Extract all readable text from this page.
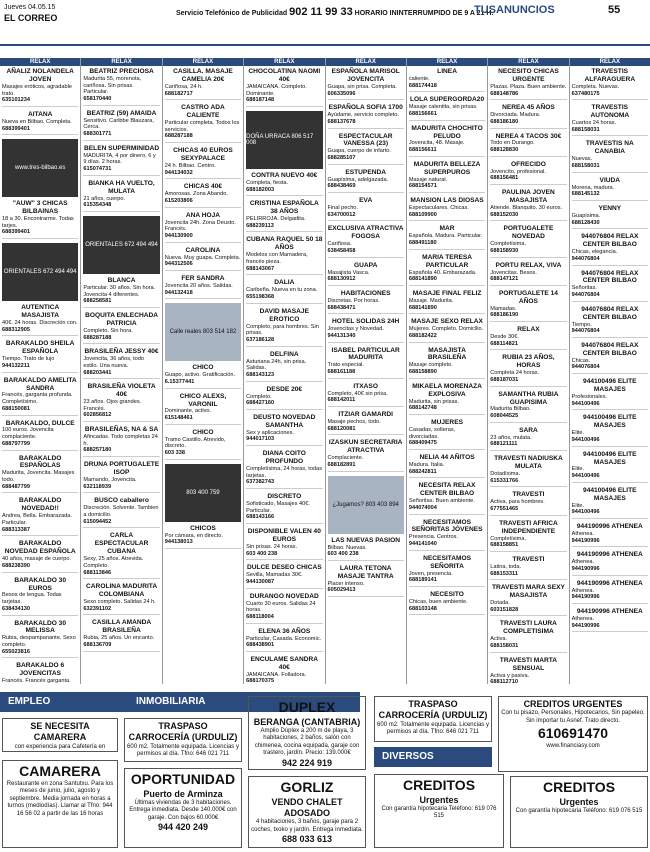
Jueves 04.05.15
EL CORREO	Servicio Telefónico de Publicidad 902 11 99 33 HORARIO ININTERRUMPIDO DE 9 A 21 H.
TUSANUNCIOS	55
RELAX
AÑALIZ NOLANDELA JOVEN
Masajes eróticos, agradable trato.
635101234
AITANA
Nueva en Bilbao. Completa.
688399401
www.tres-bilbao.es
"AUW" 3 CHICAS BILBAINAS
18 a 30. Encontrarme. Todas tarjes.
688399401
ORIENTALES 672 494 494
AUTENTICA MASAJISTA
40€. 24 horas. Discreción con.
688312905
BARAKALDO SHEILA ESPAÑOLA
Tiempo. Trato de lujo
944132211
BARAKALDO AMELITA SANDRA
Francés, garganta profunda. Completísimo.
688150081
BARAKALDO, DULCE
100 euros. Jovencita complaciente.
688797799
BARAKALDO ESPAÑOLAS
Madurita, Jovencita. Masajes todo.
688487799
BARAKALDO NOVEDAD!!
Andrea, Bella. Embarazada. Particular.
688313387
BARAKALDO NOVEDAD ESPAÑOLA
40 años, masaje de cuerpo.
688238390
BARAKALDO 30 EUROS
Besos de lengua. Todas tarjetas.
638434130
BARAKALDO 30 MELISSA
Rubia, despampanante. Sexo completo.
655023816
BARAKALDO 6 JOVENCITAS
Francés. Francés garganta.
RELAX
BEATRIZ PRECIOSA
Madurita 55, morenota, cariñosa. Sin prisas. Particular.
658170440
BEATRIZ (59) AMAIDA
Sensitivo. Caribbe Blauzara, Cerca.
688301771
BELEN SUPERMINIDAD
MADURITA, 4 por dinero, 6 y 9 días. 2 horas.
615074731
BIANKA HA VUELTO, MULATA
21 años, cuerpo.
615354348
ORIENTALES 672 494 494
BLANCA
Particular. 30 años. Sin hora. Jovencita 4 diferentes.
688258581
BOQUITA ENLECHADA PATRICIA
Completo. Sin hora.
688287188
BRASILEÑA JESSY 40€
Jovencita, 36 años, todo estilo. Una nueva.
688203441
BRASILEÑA VIOLETA 40€
23 años. Ojos grandes. Francés.
602856812
BRASILEÑAS, NA & SA
Afincadas. Todo completas 24 h.
688257180
DRUNA PORTUGALETE ISOP
Mamando, Jovencita.
632118939
BUSCO caballero
Discreción. Solvente. Tambien a domicilio.
615094452
CARLA ESPECTACULAR CUBANA
Sexy, 25 años. Atrevida. Completo.
688113846
CAROLINA MADURITA COLOMBIANA
Sexo completo. Salidas 24 h.
632391102
CASILLA AMANDA BRASILEÑA
Rubia, 25 años. Un encanto.
688136709
RELAX
CASILLA. MASAJE CAMELIA 20€
Cariñosa, 24 h.
688182717
CASTRO ADA CALIENTE
Particular completa. Todos los servicios.
688287188
CHICAS 40 EUROS SEXYPALACE
24 h. Bilbao. Centro.
944134032
CHICAS 40€
Amorosas. Zona Abando.
615203806
ANA HOJA
Jovencita 24h. Zona Deusto. Francés.
944130900
CAROLINA
Nueva. Muy guapa. Completa.
944312506
FER SANDRA
Jovencita 20 años. Salidas.
944132418
Calle reales 803 514 182
CHICO
Guapo, activo. Gratificación.
6.15377441
CHICO ALEXS, VARONIL
Dominante, activo.
615148461
CHICO
Tramo Castillo. Atrevido, discreto.
603 338
803 400 759
CHICOS
Por cámara, en directo.
944138013
RELAX
CHOCOLATINA NAOMI 40€
JAMAICANA. Completo. Dominante.
688187148
DOÑA URRACA 806 517 008
CONTRA NUEVO 40€
Completa, fiesta.
688182003
CRISTINA ESPAÑOLA 38 AÑOS
PELIRROJA. Delgadita.
688239113
CUBANA RAQUEL 50 18 AÑOS
Modelos con Mamadera, francés pieza.
688143067
DALIA
Caribeña. Nueva en tu zona.
655198368
DAVID MASAJE EROTICO
Completo, para hombres. Sin prisas.
637186128
DELFINA
Asturiana 24h, sin prisa. Salidas.
688143123
DESDE 20€
Completo.
688427160
DEUSTO NOVEDAD SAMANTHA
Sex y aplicaciones.
944017103
DIANA COITO PROFUNDO
Completísima, 24 horas, todas tarjetas.
637382743
DISCRETO
Sofisticado, Masajes 40€. Particular.
688143166
DISPONIBLE VALEN 40 EUROS
Sin prisas. 24 horas.
603 400 238
DULCE DESEO CHICAS
Sevilla, Mamadas 30€.
944130087
DURANGO NOVEDAD
Cuarto 30 euros. Salidas 24 horas.
688118004
ELENA 36 AÑOS
Particular, Casada. Economic.
688438901
ENCULAME SANDRA 40€
JAMAICANA. Folladora.
688170375
RELAX
ESPAÑOLA MARISOL JOVENCITA
Guapa, sin prisa. Completa.
606335096
ESPAÑOLA SOFIA 1700
Ayúdame, servicio completo.
688137678
ESPECTACULAR VANESSA (23)
Guapa, cuerpo de infarto.
688285107
ESTUPENDA
Guapísima, adelgazada.
688438469
EVA
Final pecho.
634700012
EXCLUSIVA ATRACTIVA FOGOSA
Cariñosa.
638458458
GUAPA
Masajista Vasca.
688130912
HABITACIONES
Discretas. Por horas.
688438471
HOTEL SOLIDAS 24H
Jovencitas y Novedad.
944131340
ISABEL PARTICULAR MADURITA
Trato especial.
688161188
ITXASO
Completo, 40€ sin prisa.
688142011
ITZIAR GAMARDI
Masaje pechos, todo.
688120081
IZASKUN SECRETARIA ATRACTIVA
Complaciente.
688182891
¿Jugamos? 803 403 894
LAS NUEVAS PASION
Bilbao. Nuevas.
603 400 238
LAURA TETONA MASAJE TANTRA
Placer intenso.
605029413
RELAX
LINEA
caliente.
688174418
LOLA SUPERGORDA20
Masaje calentita, sin prisas.
688156661
MADURITA CHOCHITO PELUDO
Jovencita, 48. Masaje.
688156611
MADURITA BELLEZA SUPERPUROS
Masaje natural.
688154571
MANSION LAS DIOSAS
Espectaculares. Chicas.
688109900
MAR
Española. Madura. Particular.
688491180
MARIA TERESA PARTICULAR
Española 40. Embarazada.
688141890
MASAJE FINAL FELIZ
Masaje. Madurita.
688141890
MASAJE SEXO RELAX
Mujeres. Completo. Domicilio.
688182422
MASAJISTA BRASILEÑA
Masaje completo.
688158890
MIKAELA MORENAZA EXPLOSIVA
Madurita, sin prisas.
688142748
MUJERES
Casadas, solteras, divorciadas.
688409475
NELIA 44 AÑITOS
Madura. Italia.
688242811
NECESITA RELAX CENTER BILBAO
Señoritas. Buen ambiente.
944074004
NECESITAMOS SEÑORITAS JÓVENES
Presencia. Centros.
944141040
NECESITAMOS SEÑORITA
Joven, presencia.
688189141
NECESITO
Chicas, buen ambiente.
688103148
RELAX
NECESITO CHICAS URGENTE
Plazas. Plaza. Buen ambiente.
688148786
NEREA 45 AÑOS
Divorciada. Madura.
688186180
NEREA 4 TACOS 30€
Todo en Durango.
688128830
OFRECIDO
Jovencito, profesional.
688156481
PAULINA JOVEN MASAJISTA
Atiende. Blanquito. 30 euros.
688152030
PORTUGALETE NOVEDAD
Completísima.
688158930
PORTU RELAX, VIVA
Jovencitas. Besos.
688147121
PORTUGALETE 14 AÑOS
Mamadas.
688186190
RELAX
Desde 30€.
688114821
RUBIA 23 AÑOS, HORAS
Completa 24 horas.
688187031
SAMANTHA RUBIA GUAPISIMA
Madurita Bilbao.
608044525
SARA
23 años, mulata.
688121111
TRAVESTI NADIUSKA MULATA
Dotadísima.
615331766
TRAVESTI
Activa, para hombres.
677551465
TRAVESTI AFRICA INDEPENDIENTE
Completísima.
688158851
TRAVESTI
Latina, toda.
688153311
TRAVESTI MARA SEXY MASAJISTA
Dotada.
603151828
TRAVESTI LAURA COMPLETISIMA
Activa.
688158031
TRAVESTI MARTA SENSUAL
Activa y pasiva.
688112710
RELAX
TRAVESTIS ALFARAGUERA
Completa. Nuevas.
637480175
TRAVESTIS AUTONOMA
Cuartos 24 horas.
688158031
TRAVESTIS NA CANABIA
Nuevas.
688158031
VIUDA
Morena, madura.
688145132
YENNY
Guapísima.
688128430
944076804 RELAX CENTER BILBAO
Chicas, elegancia.
944076804
944076804 RELAX CENTER BILBAO
Señoritas.
944076804
944076804 RELAX CENTER BILBAO
Tiempo.
944076804
944076804 RELAX CENTER BILBAO
Chicas.
944076804
944100496 ELITE MASAJES
Profesionales.
944100496
944100496 ELITE MASAJES
Elite.
944100496
944100496 ELITE MASAJES
Elite.
944100496
944100496 ELITE MASAJES
Elite.
944100496
944190996 ATHENEA
Athenea.
944190996
944190996 ATHENEA
Athenea.
944190996
944190996 ATHENEA
Athenea.
944190996
944190996 ATHENEA
Athenea.
944190996
EMPLEO	INMOBILIARIA
SE NECESITA CAMARERA
con experiencia para Cafetería en
CAMARERA
Restaurante en zona Santutxu. Para los meses de junio, julio, agosto y septiembre. Media jornada en horas a turnos (mediodías). Llamar al Tfno: 944 16 56 02 a partir de las 16 horas
TRASPASO CARROCERÍA (URDULIZ)
600 m2. Totalmente equipada. Licencias y permisos al día. Tfno: 646 021 711
OPORTUNIDAD
Puerto de Arminza
Últimas viviendas de 3 habitaciones. Entrega inmediata. Desde 140.000€ con garaje. Con bajos 60.000€
944 420 249
DUPLEX
BERANGA (CANTABRIA)
Amplio Dúplex a 200 m de playa, 3 habitaciones, 2 baños, salón con chimenea, cocina equipada, garaje con trastero, jardín. Precio: 139.000€
942 224 919
GORLIZ
VENDO CHALET ADOSADO
4 habitaciones, 3 baños, garaje para 2 coches, txoko y jardín. Entrega inmediata.
688 033 613
TRASPASO CARROCERÍA (URDULIZ)
600 m2. Totalmente equipada. Licencias y permisos al día. Tfno: 646 021 711
DIVERSOS
CREDITOS URGENTES
Con tu pisazo, Personales, Hipotecarios, Sin papeleo. Sin importar tu Asnef. Trato directo.
610691470
www.financiasy.com
CREDITOS
Urgentes
Con garantía hipotecaria Teléfono: 619 076 515
CREDITOS
Urgentes
Con garantía hipotecaria Teléfono: 619 076 515
